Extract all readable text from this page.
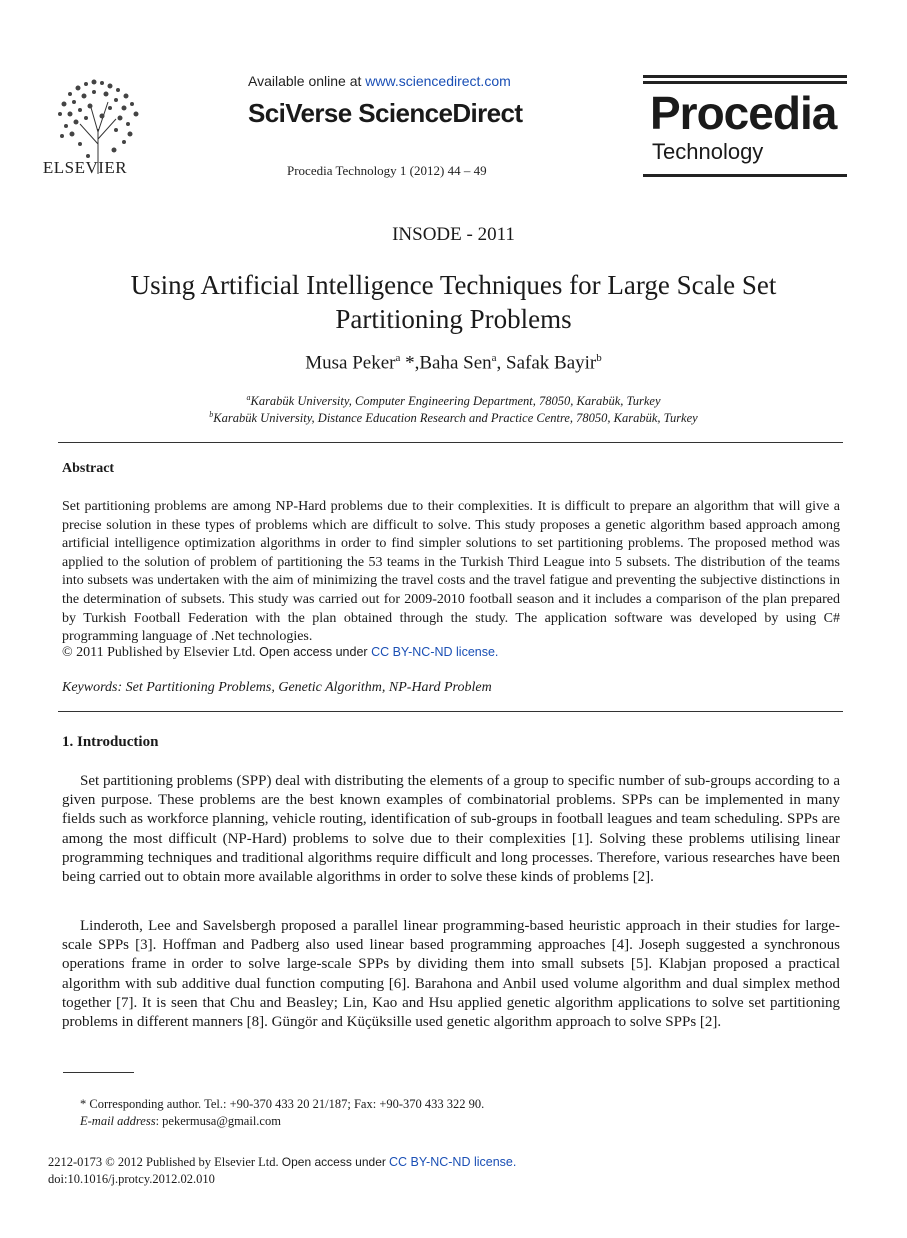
ELSEVIER
Available online at www.sciencedirect.com
SciVerse ScienceDirect
Procedia Technology 1 (2012) 44 – 49
Procedia
Technology
INSODE - 2011
Using Artificial Intelligence Techniques for Large Scale Set
Partitioning Problems
Musa Peker$^a$ *,Baha Sen$^a$, Safak Bayir$^b$
$^a$Karabük University, Computer Engineering Department, 78050, Karabük, Turkey
$^b$Karabük University, Distance Education Research and Practice Centre, 78050, Karabük, Turkey
Abstract
Set partitioning problems are among NP-Hard problems due to their complexities. It is difficult to prepare an algorithm that will give a precise solution in these types of problems which are difficult to solve. This study proposes a genetic algorithm based approach among artificial intelligence optimization algorithms in order to find simpler solutions to set partitioning problems. The proposed method was applied to the solution of problem of partitioning the 53 teams in the Turkish Third League into 5 subsets. The distribution of the teams into subsets was undertaken with the aim of minimizing the travel costs and the travel fatigue and preventing the subjective distinctions in the determination of subsets. This study was carried out for 2009-2010 football season and it includes a comparison of the plan prepared by Turkish Football Federation with the plan obtained through the study. The application software was developed by using C# programming language of .Net technologies.
© 2011 Published by Elsevier Ltd. Open access under CC BY-NC-ND license.
Keywords: Set Partitioning Problems, Genetic Algorithm, NP-Hard Problem
1. Introduction
Set partitioning problems (SPP) deal with distributing the elements of a group to specific number of sub-groups according to a given purpose. These problems are the best known examples of combinatorial problems. SPPs can be implemented in many fields such as workforce planning, vehicle routing, identification of sub-groups in football leagues and team scheduling. SPPs are among the most difficult (NP-Hard) problems to solve due to their complexities [1]. Solving these problems utilising linear programming techniques and traditional algorithms require difficult and long processes. Therefore, various researches have been being carried out to obtain more available algorithms in order to solve these kinds of problems [2].
Linderoth, Lee and Savelsbergh proposed a parallel linear programming-based heuristic approach in their studies for large-scale SPPs [3]. Hoffman and Padberg also used linear based programming approaches [4]. Joseph suggested a synchronous operations frame in order to solve large-scale SPPs by dividing them into small subsets [5]. Klabjan proposed a practical algorithm with sub additive dual function computing [6]. Barahona and Anbil used volume algorithm and dual simplex method together [7]. It is seen that Chu and Beasley; Lin, Kao and Hsu applied genetic algorithm applications to solve set partitioning problems in different manners [8]. Güngör and Küçüksille used genetic algorithm approach to solve SPPs [2].
* Corresponding author. Tel.: +90-370 433 20 21/187; Fax: +90-370 433 322 90.
E-mail address: pekermusa@gmail.com
2212-0173 © 2012 Published by Elsevier Ltd. Open access under CC BY-NC-ND license.
doi:10.1016/j.protcy.2012.02.010
